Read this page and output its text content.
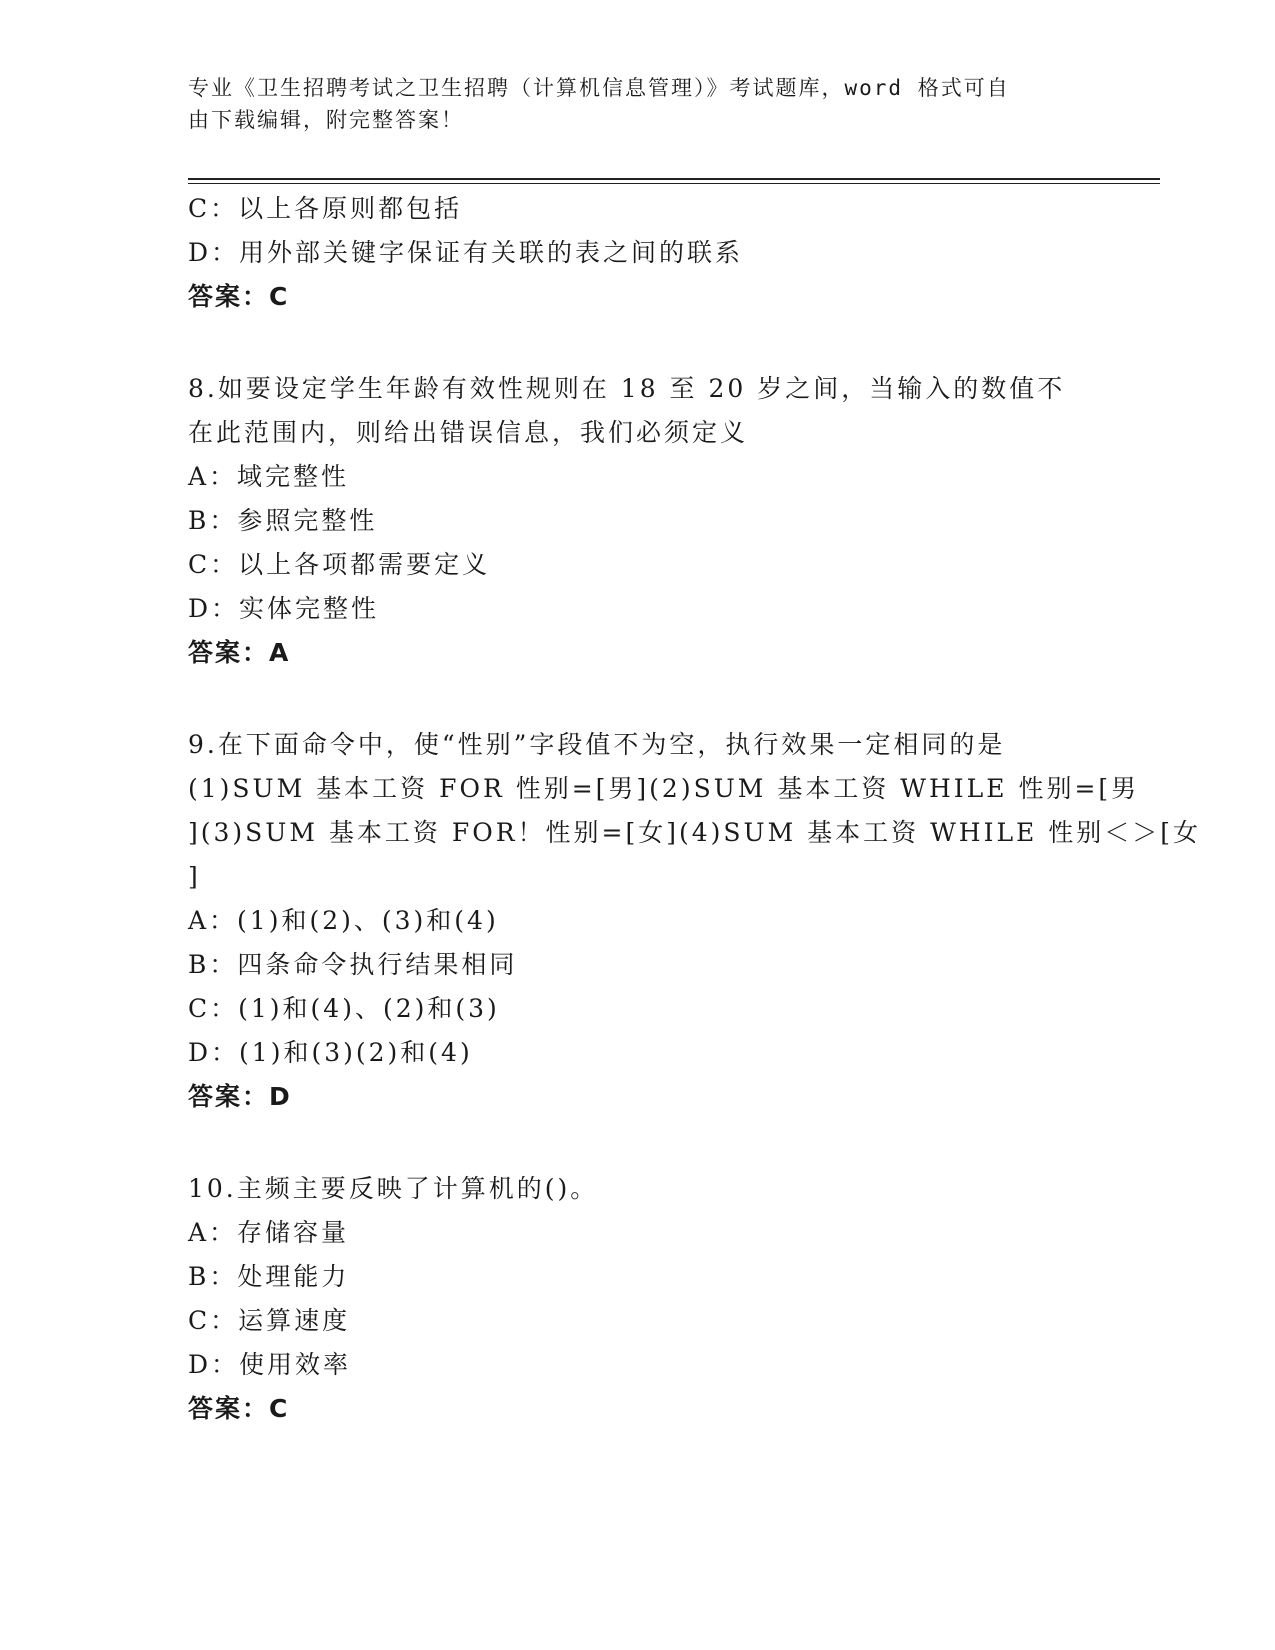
专业《卫生招聘考试之卫生招聘（计算机信息管理）》考试题库，word 格式可自
由下载编辑，附完整答案！
C：以上各原则都包括
D：用外部关键字保证有关联的表之间的联系
答案：C
8.如要设定学生年龄有效性规则在 18 至 20 岁之间，当输入的数值不
在此范围内，则给出错误信息，我们必须定义
A：域完整性
B：参照完整性
C：以上各项都需要定义
D：实体完整性
答案：A
9.在下面命令中，使“性别”字段值不为空，执行效果一定相同的是
(1)SUM 基本工资 FOR 性别=[男](2)SUM 基本工资 WHILE 性别=[男
](3)SUM 基本工资 FOR！性别=[女](4)SUM 基本工资 WHILE 性别＜＞[女
]
A：(1)和(2)、(3)和(4)
B：四条命令执行结果相同
C：(1)和(4)、(2)和(3)
D：(1)和(3)(2)和(4)
答案：D
10.主频主要反映了计算机的()。
A：存储容量
B：处理能力
C：运算速度
D：使用效率
答案：C
